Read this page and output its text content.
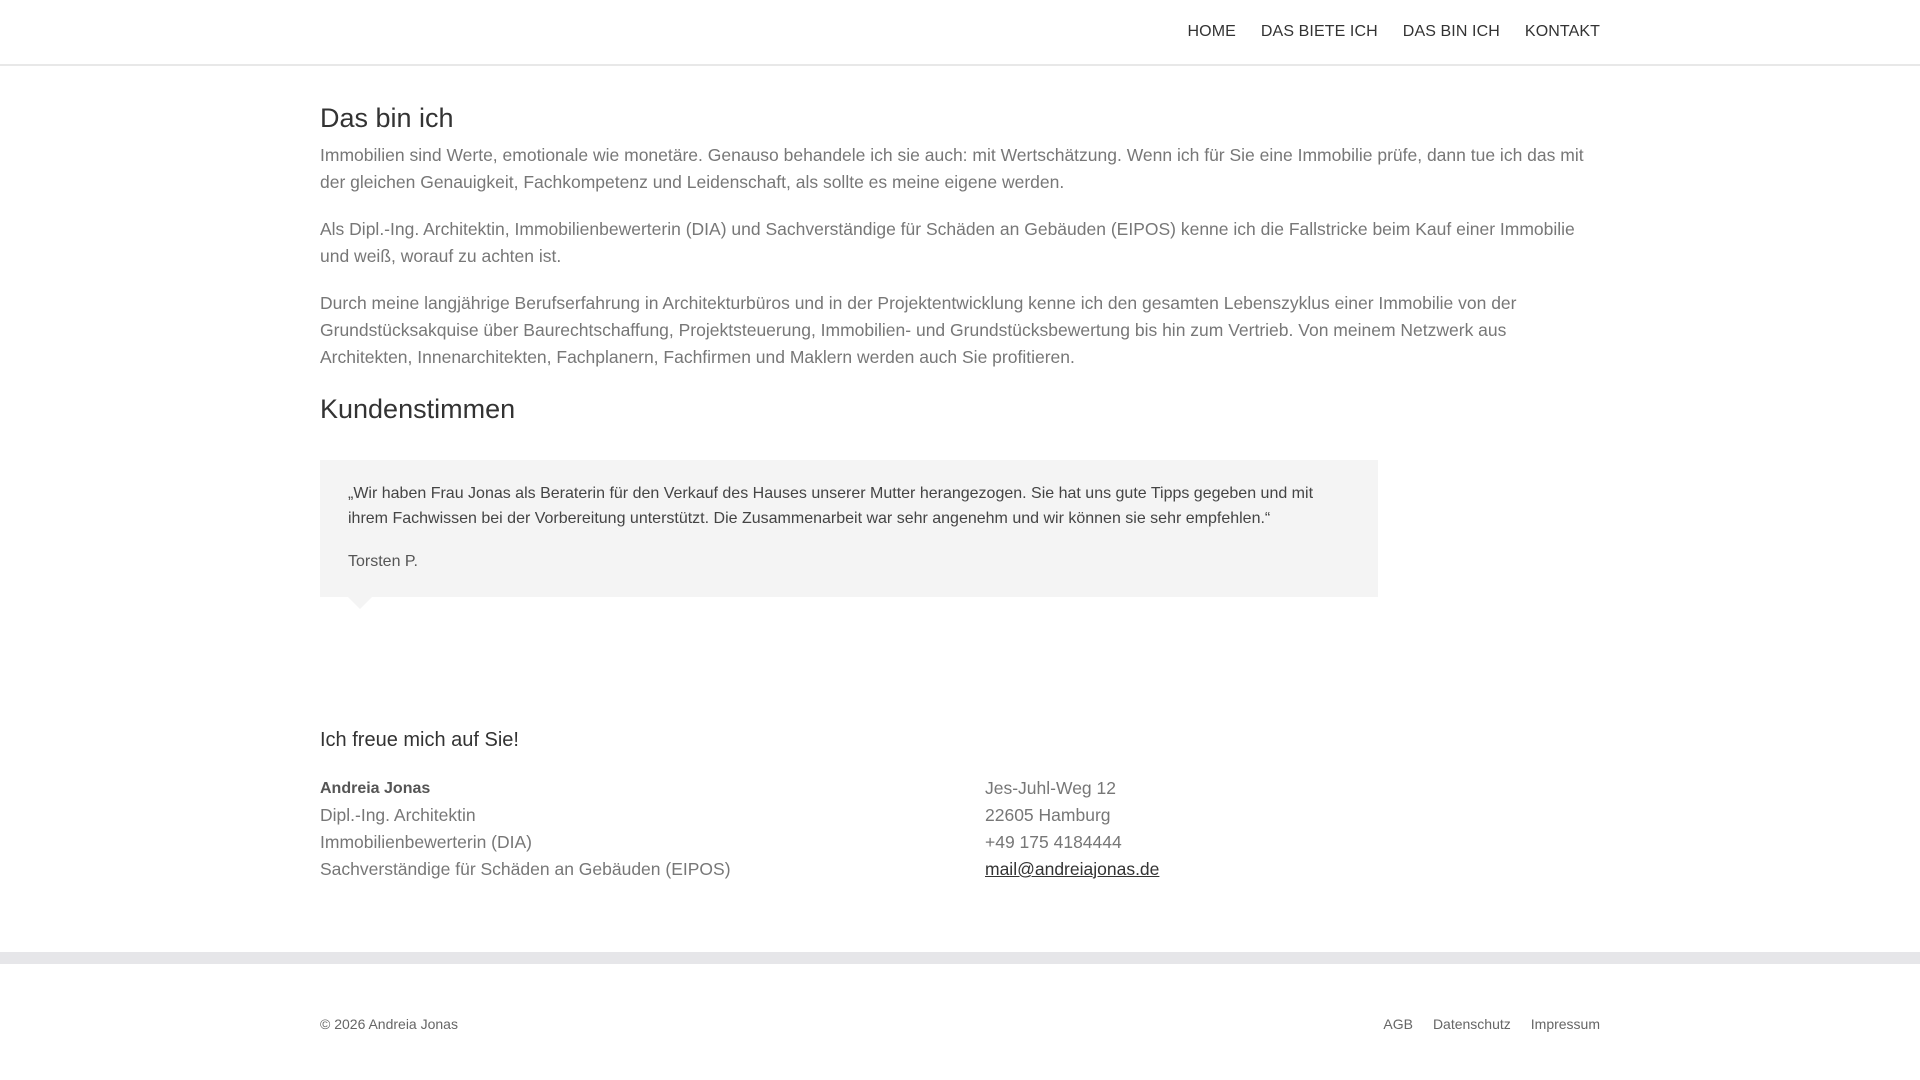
HOME DAS BIETE ICH DAS BIN ICH KONTAKT
Das bin ich

Immobilien sind Werte, emotionale wie monetäre. Genauso behandele ich sie auch: mit Wertschätzung. Wenn ich für Sie eine Immobilie prüfe, dann tue ich das mit der gleichen Genauigkeit, Fachkompetenz und Leidenschaft, als sollte es meine eigene werden.

Als Dipl.-Ing. Architektin, Immobilienbewerterin (DIA) und Sachverständige für Schäden an Gebäuden (EIPOS) kenne ich die Fallstricke beim Kauf einer Immobilie und weiß, worauf zu achten ist.

Durch meine langjährige Berufserfahrung in Architekturbüros und in der Projektentwicklung kenne ich den gesamten Lebenszyklus einer Immobilie von der Grundstücksakquise über Baurechtschaffung, Projektsteuerung, Immobilien- und Grundstücksbewertung bis hin zum Vertrieb. Von meinem Netzwerk aus Architekten, Innenarchitekten, Fachplanern, Fachfirmen und Maklern werden auch Sie profitieren.

Kundenstimmen

„Wir haben Frau Jonas als Beraterin für den Verkauf des Hauses unserer Mutter herangezogen. Sie hat uns gute Tipps gegeben und mit ihrem Fachwissen bei der Vorbereitung unterstützt. Die Zusammenarbeit war sehr angenehm und wir können sie sehr empfehlen.“

Torsten P.

Ich freue mich auf Sie!
Andreia Jonas
Dipl.-Ing. Architektin
Immobilienbewerterin (DIA)
Sachverständige für Schäden an Gebäuden (EIPOS)
Jes-Juhl-Weg 12
22605 Hamburg
+49 175 4184444
mail@andreiajonas.de
© 2026 Andreia Jonas	AGB Datenschutz Impressum
